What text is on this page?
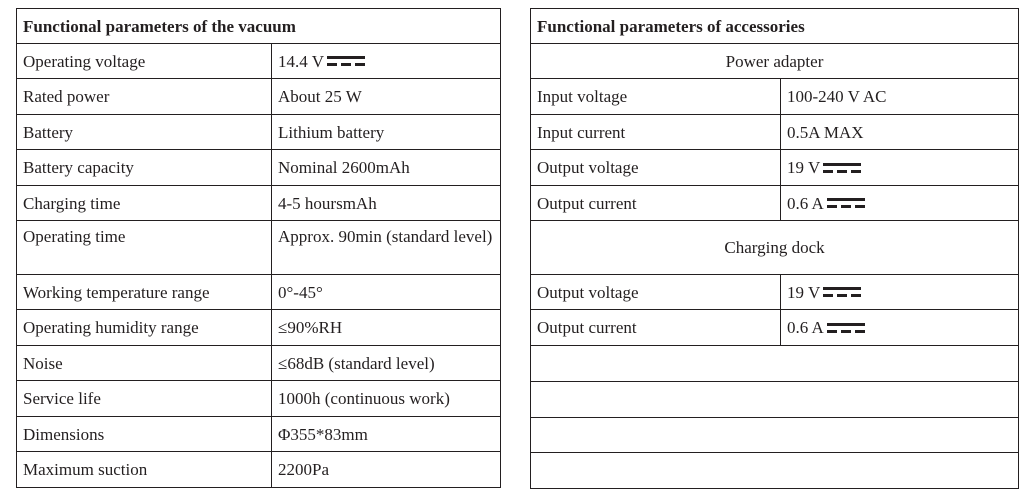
Functional parameters of the vacuum	
Operating voltage	14.4 V

Rated power	About 25 W
Battery	Lithium battery
Battery capacity	Nominal 2600mAh
Charging time	4-5 hoursmAh
Operating time	Approx. 90min (standard level)
Working temperature range	0°-45°
Operating humidity range	≤90%RH
Noise	≤68dB (standard level)
Service life	1000h (continuous work)
Dimensions	Φ355*83mm
Maximum suction	2200Pa
Functional parameters of accessories	
Power adapter	
Input voltage	100-240 V AC
Input current	0.5A MAX
Output voltage	19 V

Output current	0.6 A

Charging dock	
Output voltage	19 V

Output current	0.6 A
